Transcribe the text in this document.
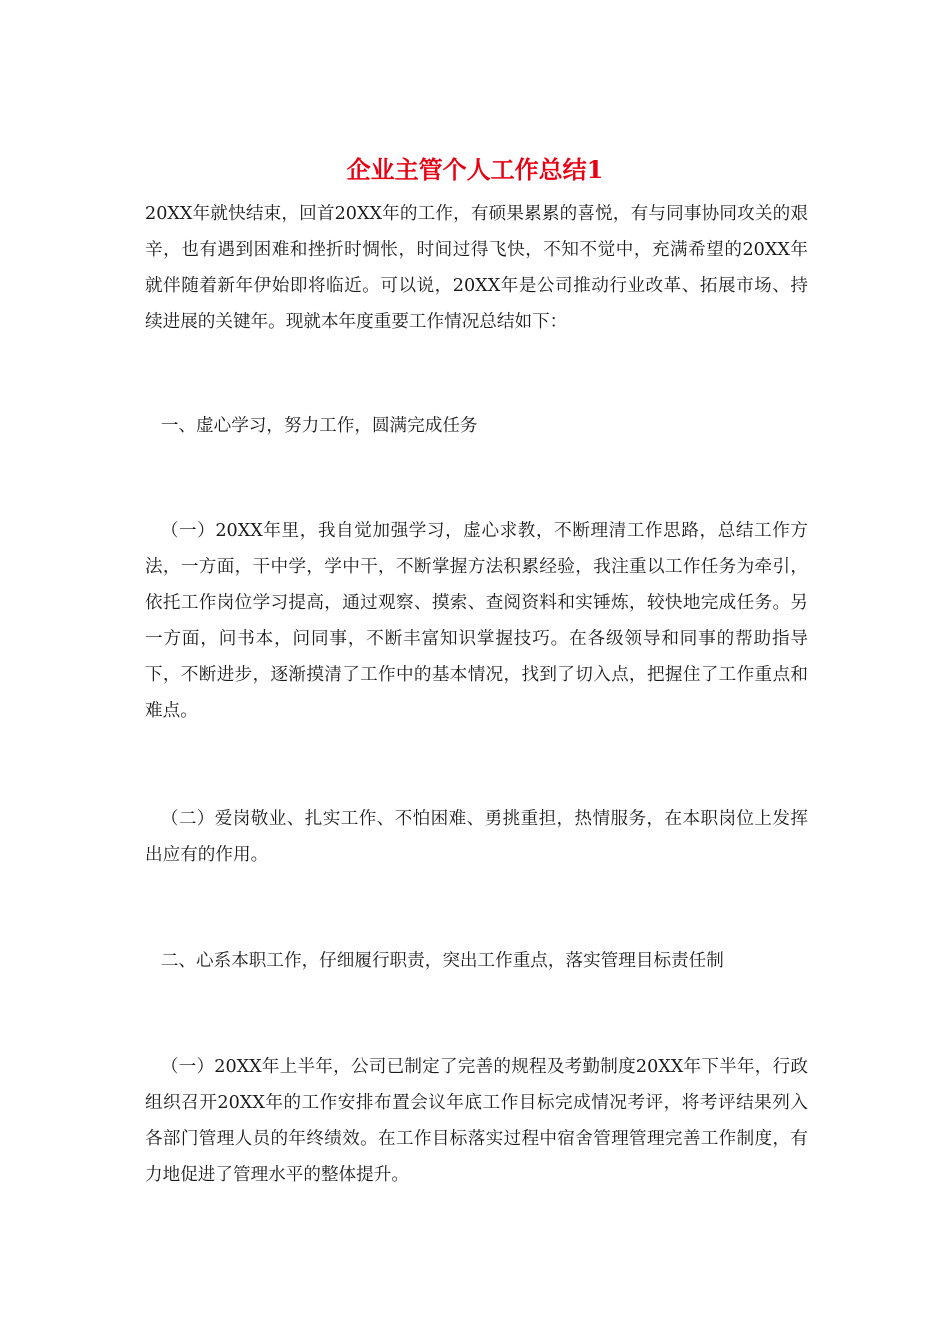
企业主管个人工作总结1

20XX年就快结束，回首20XX年的工作，有硕果累累的喜悦，有与同事协同攻关的艰辛，也有遇到困难和挫折时惆怅，时间过得飞快，不知不觉中，充满希望的20XX年就伴随着新年伊始即将临近。可以说，20XX年是公司推动行业改革、拓展市场、持续进展的关键年。现就本年度重要工作情况总结如下：

一、虚心学习，努力工作，圆满完成任务

（一）20XX年里，我自觉加强学习，虚心求教，不断理清工作思路，总结工作方法，一方面，干中学，学中干，不断掌握方法积累经验，我注重以工作任务为牵引，依托工作岗位学习提高，通过观察、摸索、查阅资料和实锤炼，较快地完成任务。另一方面，问书本，问同事，不断丰富知识掌握技巧。在各级领导和同事的帮助指导下，不断进步，逐渐摸清了工作中的基本情况，找到了切入点，把握住了工作重点和难点。

（二）爱岗敬业、扎实工作、不怕困难、勇挑重担，热情服务，在本职岗位上发挥出应有的作用。

二、心系本职工作，仔细履行职责，突出工作重点，落实管理目标责任制

（一）20XX年上半年，公司已制定了完善的规程及考勤制度20XX年下半年，行政组织召开20XX年的工作安排布置会议年底工作目标完成情况考评，将考评结果列入各部门管理人员的年终绩效。在工作目标落实过程中宿舍管理管理完善工作制度，有力地促进了管理水平的整体提升。
